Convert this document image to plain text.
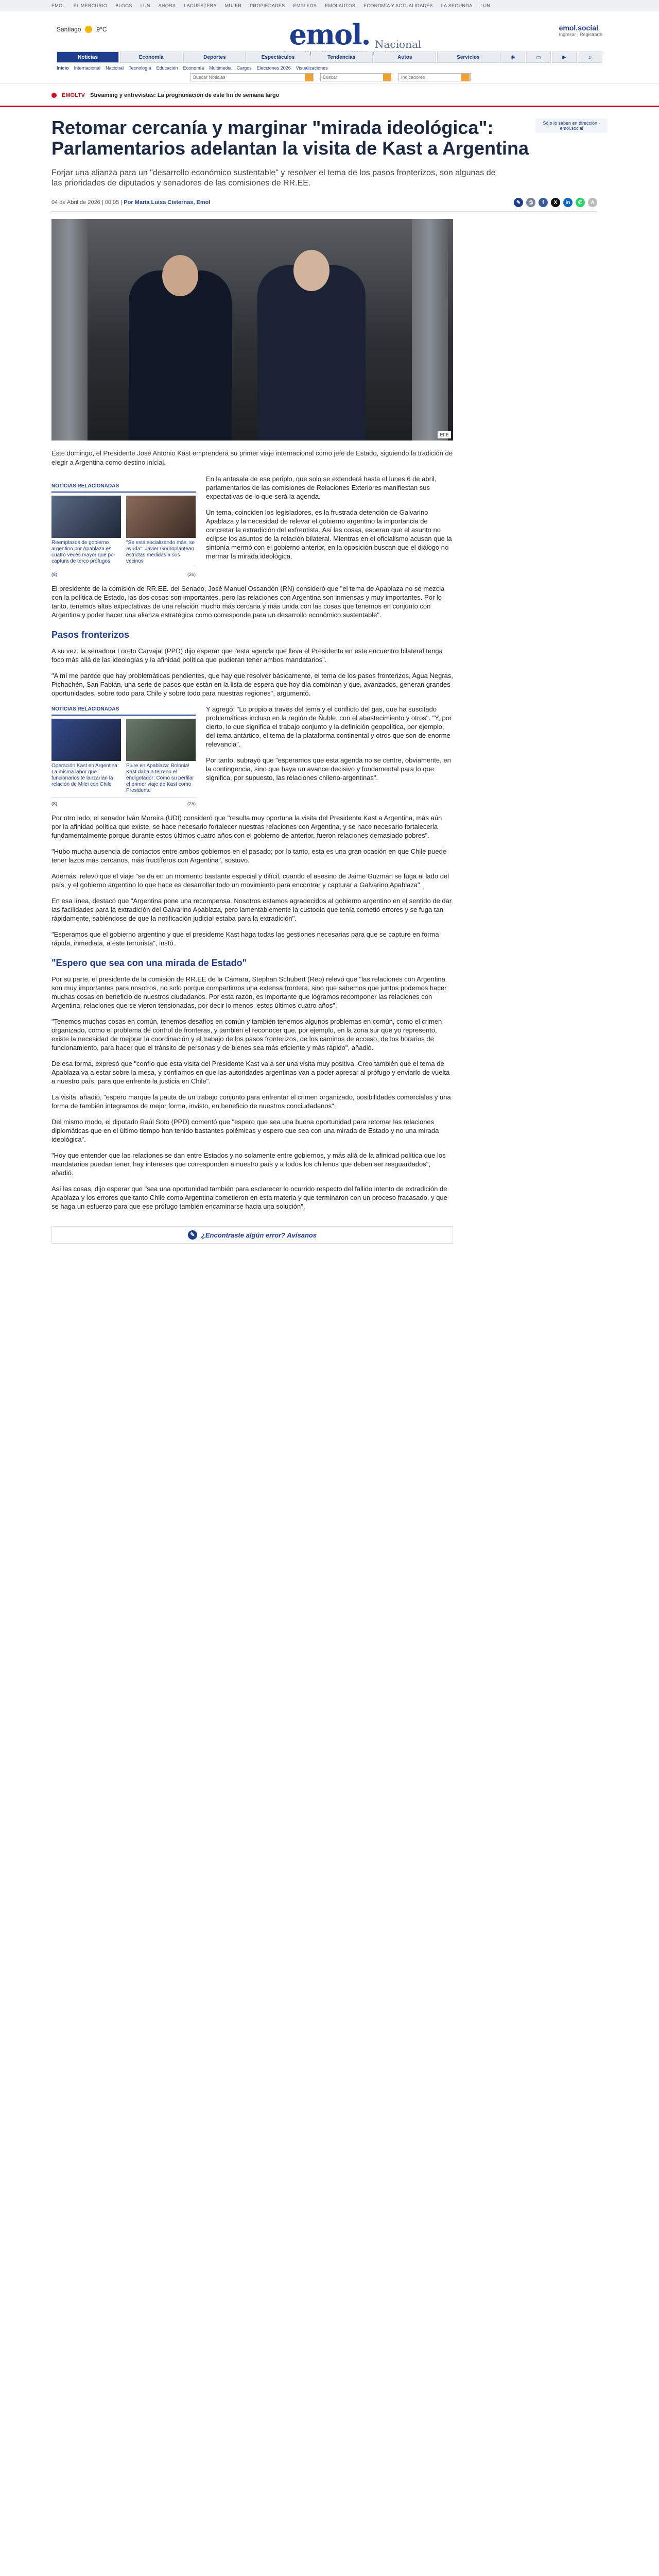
EMOL EL MERCURIO BLOGS LUN AHORA LAGUESTERA MUJER PROPIEDADES EMPLEOS EMOLAUTOS ECONOMÍA Y ACTUALIDADES LA SEGUNDA LUN
Santiago	9°C	emol. Nacional
emol.social
Ingresar | Registrarte
Noticias	Economía	Deportes	Espectáculos	Tendencias	Autos	Servicios	◉	▭	▶	♫
Inicio Internacional Nacional Tecnología Educación Economía Multimedia Cargos Elecciones 2026 Visualizaciones
Buscar Noticias	Buscar	Indicadores
EMOLTV Streaming y entrevistas: La programación de este fin de semana largo
Sólo lo saben en dirección · emol.social
Retomar cercanía y marginar "mirada ideológica": Parlamentarios adelantan la visita de Kast a Argentina
Forjar una alianza para un "desarrollo económico sustentable" y resolver el tema de los pasos fronterizos, son algunas de las prioridades de diputados y senadores de las comisiones de RR.EE.
04 de Abril de 2026 | 00:05 | Por María Luisa Cisternas, Emol	✎	⎙	f	X	in	✆	A
EFE
Este domingo, el Presidente José Antonio Kast emprenderá su primer viaje internacional como jefe de Estado, siguiendo la tradición de elegir a Argentina como destino inicial.
NOTICIAS RELACIONADAS
Reemplazos de gobierno argentino por Apablaza es cuatro veces mayor que por captura de terco prófugos
"Se está socializando más, se ayuda": Javier Gorrioplantean estrictas medidas a sus vecinos
(8)	(26)

En la antesala de ese periplo, que solo se extenderá hasta el lunes 6 de abril, parlamentarios de las comisiones de Relaciones Exteriores manifiestan sus expectativas de lo que será la agenda.

Un tema, coinciden los legisladores, es la frustrada detención de Galvarino Apablaza y la necesidad de relevar el gobierno argentino la importancia de concretar la extradición del exfrentista. Así las cosas, esperan que el asunto no eclipse los asuntos de la relación bilateral. Mientras en el oficialismo acusan que la sintonía mermó con el gobierno anterior, en la oposición buscan que el diálogo no mermar la mirada ideológica.

El presidente de la comisión de RR.EE. del Senado, José Manuel Ossandón (RN) consideró que "el tema de Apablaza no se mezcla con la política de Estado, las dos cosas son importantes, pero las relaciones con Argentina son inmensas y muy importantes. Por lo tanto, tenemos altas expectativas de una relación mucho más cercana y más unida con las cosas que tenemos en conjunto con Argentina y poder hacer una alianza estratégica como corresponde para un desarrollo económico sustentable".

Pasos fronterizos

A su vez, la senadora Loreto Carvajal (PPD) dijo esperar que "esta agenda que lleva el Presidente en este encuentro bilateral tenga foco más allá de las ideologías y la afinidad política que pudieran tener ambos mandatarios".

"A mí me parece que hay problemáticas pendientes, que hay que resolver básicamente, el tema de los pasos fronterizos, Agua Negras, Pichachén, San Fabián, una serie de pasos que están en la lista de espera que hoy día combinan y que, avanzados, generan grandes oportunidades, sobre todo para Chile y sobre todo para nuestras regiones", argumentó.

NOTICIAS RELACIONADAS
Operación Kast en Argentina: La misma labor que funcionarios te lanzarían la relación de Milei con Chile
Piure en Apablaza: Bolonia! Kast daba a terreno el endigotador: Cómo su perfilar el primer viaje de Kast como Presidente
(8)	(25)

Y agregó: "Lo propio a través del tema y el conflicto del gas, que ha suscitado problemáticas incluso en la región de Ñuble, con el abastecimiento y otros". "Y, por cierto, lo que significa el trabajo conjunto y la definición geopolítica, por ejemplo, del tema antártico, el tema de la plataforma continental y otros que son de enorme relevancia".

Por tanto, subrayó que "esperamos que esta agenda no se centre, obviamente, en la contingencia, sino que haya un avance decisivo y fundamental para lo que significa, por supuesto, las relaciones chileno-argentinas".

Por otro lado, el senador Iván Moreira (UDI) consideró que "resulta muy oportuna la visita del Presidente Kast a Argentina, más aún por la afinidad política que existe, se hace necesario fortalecer nuestras relaciones con Argentina, y se hace necesario fortalecerla fundamentalmente porque durante estos últimos cuatro años con el gobierno de anterior, fueron relaciones demasiado pobres".

"Hubo mucha ausencia de contactos entre ambos gobiernos en el pasado; por lo tanto, esta es una gran ocasión en que Chile puede tener lazos más cercanos, más fructíferos con Argentina", sostuvo.

Además, relevó que el viaje "se da en un momento bastante especial y difícil, cuando el asesino de Jaime Guzmán se fuga al lado del país, y el gobierno argentino lo que hace es desarrollar todo un movimiento para encontrar y capturar a Galvarino Apablaza".

En esa línea, destacó que "Argentina pone una recompensa. Nosotros estamos agradecidos al gobierno argentino en el sentido de dar las facilidades para la extradición del Galvarino Apablaza, pero lamentablemente la custodia que tenía cometió errores y se fuga tan rápidamente, sabiéndose de que la notificación judicial estaba para la extradición".

"Esperamos que el gobierno argentino y que el presidente Kast haga todas las gestiones necesarias para que se capture en forma rápida, inmediata, a este terrorista", instó.

"Espero que sea con una mirada de Estado"

Por su parte, el presidente de la comisión de RR.EE de la Cámara, Stephan Schubert (Rep) relevó que "las relaciones con Argentina son muy importantes para nosotros, no solo porque compartimos una extensa frontera, sino que sabemos que juntos podemos hacer muchas cosas en beneficio de nuestros ciudadanos. Por esta razón, es importante que logramos recomponer las relaciones con Argentina, relaciones que se vieron tensionadas, por decir lo menos, estos últimos cuatro años".

"Tenemos muchas cosas en común, tenemos desafíos en común y también tenemos algunos problemas en común, como el crimen organizado, como el problema de control de fronteras, y también el reconocer que, por ejemplo, en la zona sur que yo represento, existe la necesidad de mejorar la coordinación y el trabajo de los pasos fronterizos, de los caminos de acceso, de los horarios de funcionamiento, para hacer que el tránsito de personas y de bienes sea más eficiente y más rápido", añadió.

De esa forma, expresó que "confío que esta visita del Presidente Kast va a ser una visita muy positiva. Creo también que el tema de Apablaza va a estar sobre la mesa, y confiamos en que las autoridades argentinas van a poder apresar al prófugo y enviarlo de vuelta a nuestro país, para que enfrente la justicia en Chile".

La visita, añadió, "espero marque la pauta de un trabajo conjunto para enfrentar el crimen organizado, posibilidades comerciales y una forma de también integramos de mejor forma, invisto, en beneficio de nuestros conciudadanos".

Del mismo modo, el diputado Raúl Soto (PPD) comentó que "espero que sea una buena oportunidad para retomar las relaciones diplomáticas que en el último tiempo han tenido bastantes polémicas y espero que sea con una mirada de Estado y no una mirada ideológica".

"Hoy que entender que las relaciones se dan entre Estados y no solamente entre gobiernos, y más allá de la afinidad política que los mandatarios puedan tener, hay intereses que corresponden a nuestro país y a todos los chilenos que deben ser resguardados", añadió.

Así las cosas, dijo esperar que "sea una oportunidad también para esclarecer lo ocurrido respecto del fallido intento de extradición de Apablaza y los errores que tanto Chile como Argentina cometieron en esta materia y que terminaron con un proceso fracasado, y que se haga un esfuerzo para que ese prófugo también encaminarse hacia una solución".

✎ ¿Encontraste algún error? Avísanos
